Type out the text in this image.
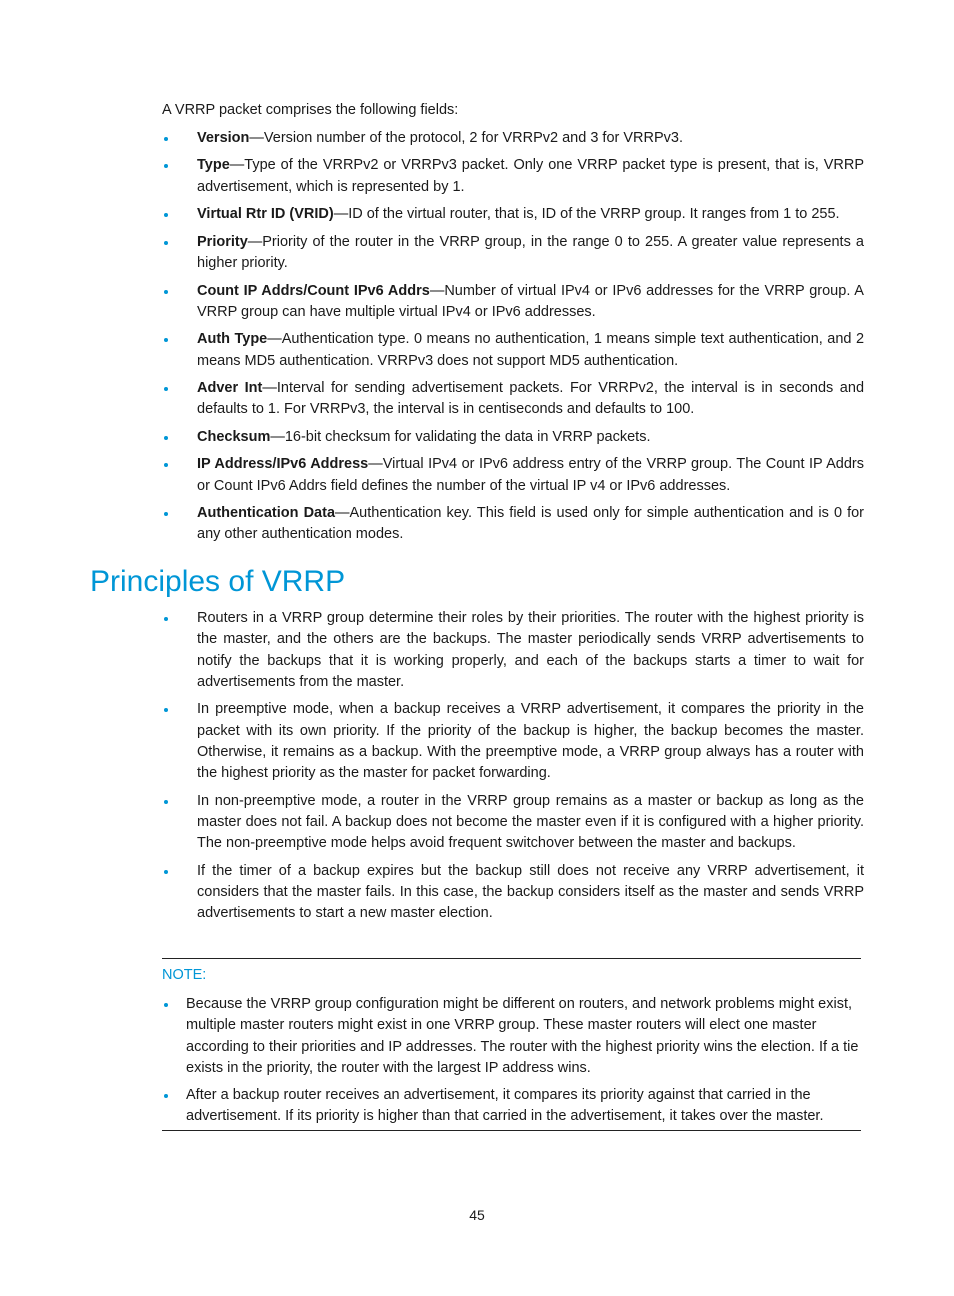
A VRRP packet comprises the following fields:

Version—Version number of the protocol, 2 for VRRPv2 and 3 for VRRPv3.
Type—Type of the VRRPv2 or VRRPv3 packet. Only one VRRP packet type is present, that is, VRRP advertisement, which is represented by 1.
Virtual Rtr ID (VRID)—ID of the virtual router, that is, ID of the VRRP group. It ranges from 1 to 255.
Priority—Priority of the router in the VRRP group, in the range 0 to 255. A greater value represents a higher priority.
Count IP Addrs/Count IPv6 Addrs—Number of virtual IPv4 or IPv6 addresses for the VRRP group. A VRRP group can have multiple virtual IPv4 or IPv6 addresses.
Auth Type—Authentication type. 0 means no authentication, 1 means simple text authentication, and 2 means MD5 authentication. VRRPv3 does not support MD5 authentication.
Adver Int—Interval for sending advertisement packets. For VRRPv2, the interval is in seconds and defaults to 1. For VRRPv3, the interval is in centiseconds and defaults to 100.
Checksum—16-bit checksum for validating the data in VRRP packets.
IP Address/IPv6 Address—Virtual IPv4 or IPv6 address entry of the VRRP group. The Count IP Addrs or Count IPv6 Addrs field defines the number of the virtual IP v4 or IPv6 addresses.
Authentication Data—Authentication key. This field is used only for simple authentication and is 0 for any other authentication modes.
Principles of VRRP
Routers in a VRRP group determine their roles by their priorities. The router with the highest priority is the master, and the others are the backups. The master periodically sends VRRP advertisements to notify the backups that it is working properly, and each of the backups starts a timer to wait for advertisements from the master.
In preemptive mode, when a backup receives a VRRP advertisement, it compares the priority in the packet with its own priority. If the priority of the backup is higher, the backup becomes the master. Otherwise, it remains as a backup. With the preemptive mode, a VRRP group always has a router with the highest priority as the master for packet forwarding.
In non-preemptive mode, a router in the VRRP group remains as a master or backup as long as the master does not fail. A backup does not become the master even if it is configured with a higher priority. The non-preemptive mode helps avoid frequent switchover between the master and backups.
If the timer of a backup expires but the backup still does not receive any VRRP advertisement, it considers that the master fails. In this case, the backup considers itself as the master and sends VRRP advertisements to start a new master election.
NOTE:
Because the VRRP group configuration might be different on routers, and network problems might exist, multiple master routers might exist in one VRRP group. These master routers will elect one master according to their priorities and IP addresses. The router with the highest priority wins the election. If a tie exists in the priority, the router with the largest IP address wins.
After a backup router receives an advertisement, it compares its priority against that carried in the advertisement. If its priority is higher than that carried in the advertisement, it takes over the master.
45
